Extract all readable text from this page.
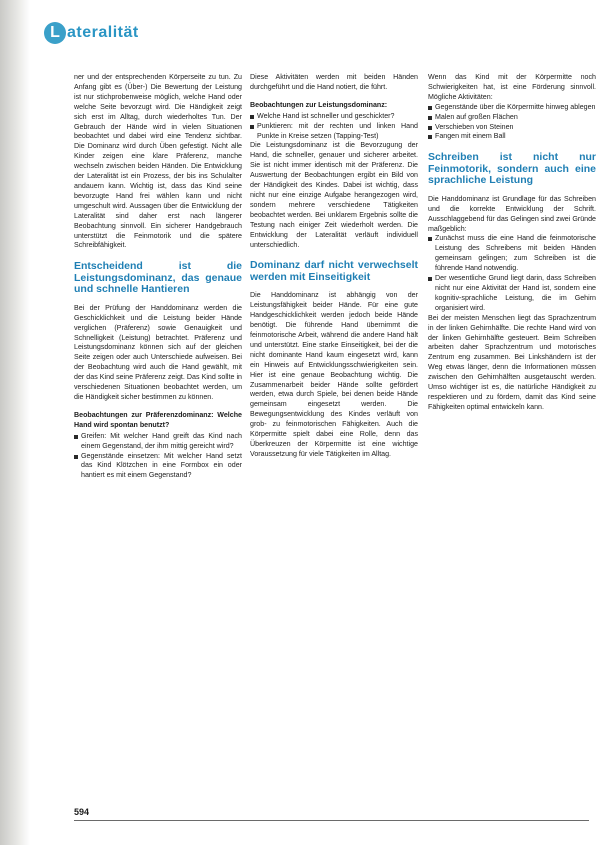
L ateralität

ner und der entsprechenden Körperseite zu tun. Zu Anfang gibt es (Über-) Die Bewertung der Leistung ist nur stichprobenweise möglich, welche Hand oder welche Seite bevorzugt wird. Die Händigkeit zeigt sich erst im Alltag, durch wiederholtes Tun. Der Gebrauch der Hände wird in vielen Situationen beobachtet und dabei wird eine Tendenz sichtbar. Die Dominanz wird durch Üben gefestigt. Nicht alle Kinder zeigen eine klare Präferenz, manche wechseln zwischen beiden Händen. Die Entwicklung der Lateralität ist ein Prozess, der bis ins Schulalter andauern kann. Wichtig ist, dass das Kind seine bevorzugte Hand frei wählen kann und nicht umgeschult wird. Aussagen über die Entwicklung der Lateralität sind daher erst nach längerer Beobachtung sinnvoll. Ein sicherer Handgebrauch unterstützt die Feinmotorik und die spätere Schreibfähigkeit.

Entscheidend ist die Leistungsdominanz, das genaue und schnelle Hantieren

Bei der Prüfung der Handdominanz werden die Geschicklichkeit und die Leistung beider Hände verglichen (Präferenz) sowie Genauigkeit und Schnelligkeit (Leistung) betrachtet. Präferenz und Leistungsdominanz können sich auf der gleichen Seite zeigen oder auch Unterschiede aufweisen. Bei der Beobachtung wird auch die Hand gewählt, mit der das Kind seine Präferenz zeigt. Das Kind sollte in verschiedenen Situationen beobachtet werden, um die Händigkeit sicher bestimmen zu können.

Beobachtungen zur Präferenzdominanz: Welche Hand wird spontan benutzt?
Greifen: Mit welcher Hand greift das Kind nach einem Gegenstand, der ihm mittig gereicht wird?
Gegenstände einsetzen: Mit welcher Hand setzt das Kind Klötzchen in eine Formbox ein oder hantiert es mit einem Gegenstand?

Diese Aktivitäten werden mit beiden Händen durchgeführt und die Hand notiert, die führt.

Beobachtungen zur Leistungsdominanz:
Welche Hand ist schneller und geschickter?
Punktieren: mit der rechten und linken Hand Punkte in Kreise setzen (Tapping-Test)

Die Leistungsdominanz ist die Bevorzugung der Hand, die schneller, genauer und sicherer arbeitet. Sie ist nicht immer identisch mit der Präferenz. Die Auswertung der Beobachtungen ergibt ein Bild von der Händigkeit des Kindes. Dabei ist wichtig, dass nicht nur eine einzige Aufgabe herangezogen wird, sondern mehrere verschiedene Tätigkeiten beobachtet werden. Bei unklarem Ergebnis sollte die Testung nach einiger Zeit wiederholt werden. Die Entwicklung der Lateralität verläuft individuell unterschiedlich.

Dominanz darf nicht verwechselt werden mit Einseitigkeit

Die Handdominanz ist abhängig von der Leistungsfähigkeit beider Hände. Für eine gute Handgeschicklichkeit werden jedoch beide Hände benötigt. Die führende Hand übernimmt die feinmotorische Arbeit, während die andere Hand hält und unterstützt. Eine starke Einseitigkeit, bei der die nicht dominante Hand kaum eingesetzt wird, kann ein Hinweis auf Entwicklungsschwierigkeiten sein. Hier ist eine genaue Beobachtung wichtig. Die Zusammenarbeit beider Hände sollte gefördert werden, etwa durch Spiele, bei denen beide Hände gemeinsam eingesetzt werden. Die Bewegungsentwicklung des Kindes verläuft von grob- zu feinmotorischen Fähigkeiten. Auch die Körpermitte spielt dabei eine Rolle, denn das Überkreuzen der Körpermitte ist eine wichtige Voraussetzung für viele Tätigkeiten im Alltag.

Wenn das Kind mit der Körpermitte noch Schwierigkeiten hat, ist eine Förderung sinnvoll. Mögliche Aktivitäten:

Gegenstände über die Körpermitte hinweg ablegen
Malen auf großen Flächen
Verschieben von Steinen
Fangen mit einem Ball
Schreiben ist nicht nur Feinmotorik, sondern auch eine sprachliche Leistung

Die Handdominanz ist Grundlage für das Schreiben und die korrekte Entwicklung der Schrift. Ausschlaggebend für das Gelingen sind zwei Gründe maßgeblich:

Zunächst muss die eine Hand die feinmotorische Leistung des Schreibens mit beiden Händen gemeinsam gelingen; zum Schreiben ist die führende Hand notwendig.
Der wesentliche Grund liegt darin, dass Schreiben nicht nur eine Aktivität der Hand ist, sondern eine kognitiv-sprachliche Leistung, die im Gehirn organisiert wird.

Bei der meisten Menschen liegt das Sprachzentrum in der linken Gehirnhälfte. Die rechte Hand wird von der linken Gehirnhälfte gesteuert. Beim Schreiben arbeiten daher Sprachzentrum und motorisches Zentrum eng zusammen. Bei Linkshändern ist der Weg etwas länger, denn die Informationen müssen zwischen den Gehirnhälften ausgetauscht werden. Umso wichtiger ist es, die natürliche Händigkeit zu respektieren und zu fördern, damit das Kind seine Fähigkeiten optimal entwickeln kann.

594
